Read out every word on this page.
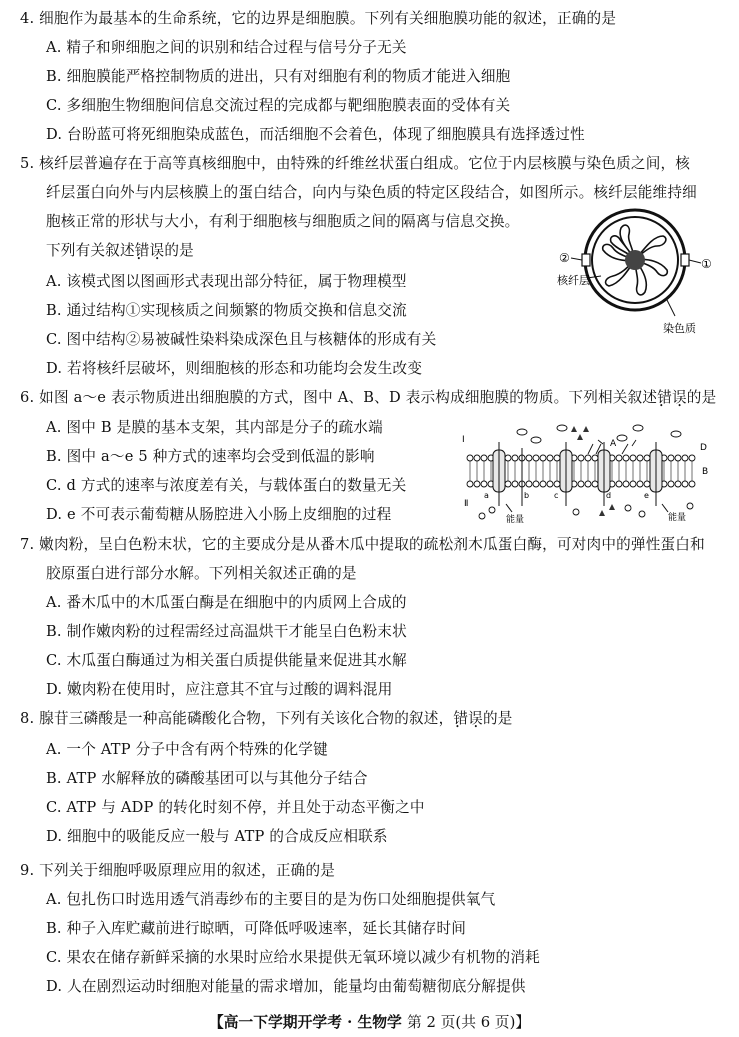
4. 细胞作为最基本的生命系统，它的边界是细胞膜。下列有关细胞膜功能的叙述，正确的是
A. 精子和卵细胞之间的识别和结合过程与信号分子无关
B. 细胞膜能严格控制物质的进出，只有对细胞有利的物质才能进入细胞
C. 多细胞生物细胞间信息交流过程的完成都与靶细胞膜表面的受体有关
D. 台盼蓝可将死细胞染成蓝色，而活细胞不会着色，体现了细胞膜具有选择透过性
5. 核纤层普遍存在于高等真核细胞中，由特殊的纤维丝状蛋白组成。它位于内层核膜与染色质之间，核
纤层蛋白向外与内层核膜上的蛋白结合，向内与染色质的特定区段结合，如图所示。核纤层能维持细
胞核正常的形状与大小，有利于细胞核与细胞质之间的隔离与信息交换。
下列有关叙述错误 • •的是
A. 该模式图以图画形式表现出部分特征，属于物理模型
B. 通过结构①实现核质之间频繁的物质交换和信息交流
C. 图中结构②易被碱性染料染成深色且与核糖体的形成有关
D. 若将核纤层破坏，则细胞核的形态和功能均会发生改变
②	①
核纤层
染色质
6. 如图 a～e 表示物质进出细胞膜的方式，图中 A、B、D 表示构成细胞膜的物质。下列相关叙述错误 • •的是
A. 图中 B 是膜的基本支架，其内部是分子的疏水端
B. 图中 a～e 5 种方式的速率均会受到低温的影响
C. d 方式的速率与浓度差有关，与载体蛋白的数量无关
D. e 不可表示葡萄糖从肠腔进入小肠上皮细胞的过程
Ⅰ
Ⅱ
A
B
D
a	b	c	d	e
能量	能量
7. 嫩肉粉，呈白色粉末状，它的主要成分是从番木瓜中提取的疏松剂木瓜蛋白酶，可对肉中的弹性蛋白和
胶原蛋白进行部分水解。下列相关叙述正确的是
A. 番木瓜中的木瓜蛋白酶是在细胞中的内质网上合成的
B. 制作嫩肉粉的过程需经过高温烘干才能呈白色粉末状
C. 木瓜蛋白酶通过为相关蛋白质提供能量来促进其水解
D. 嫩肉粉在使用时，应注意其不宜与过酸的调料混用
8. 腺苷三磷酸是一种高能磷酸化合物，下列有关该化合物的叙述，错误 • •的是
A. 一个 ATP 分子中含有两个特殊的化学键
B. ATP 水解释放的磷酸基团可以与其他分子结合
C. ATP 与 ADP 的转化时刻不停，并且处于动态平衡之中
D. 细胞中的吸能反应一般与 ATP 的合成反应相联系
9. 下列关于细胞呼吸原理应用的叙述，正确的是
A. 包扎伤口时选用透气消毒纱布的主要目的是为伤口处细胞提供氧气
B. 种子入库贮藏前进行晾晒，可降低呼吸速率，延长其储存时间
C. 果农在储存新鲜采摘的水果时应给水果提供无氧环境以减少有机物的消耗
D. 人在剧烈运动时细胞对能量的需求增加，能量均由葡萄糖彻底分解提供
【高一下学期开学考 · 生物学 第 2 页(共 6 页)】
